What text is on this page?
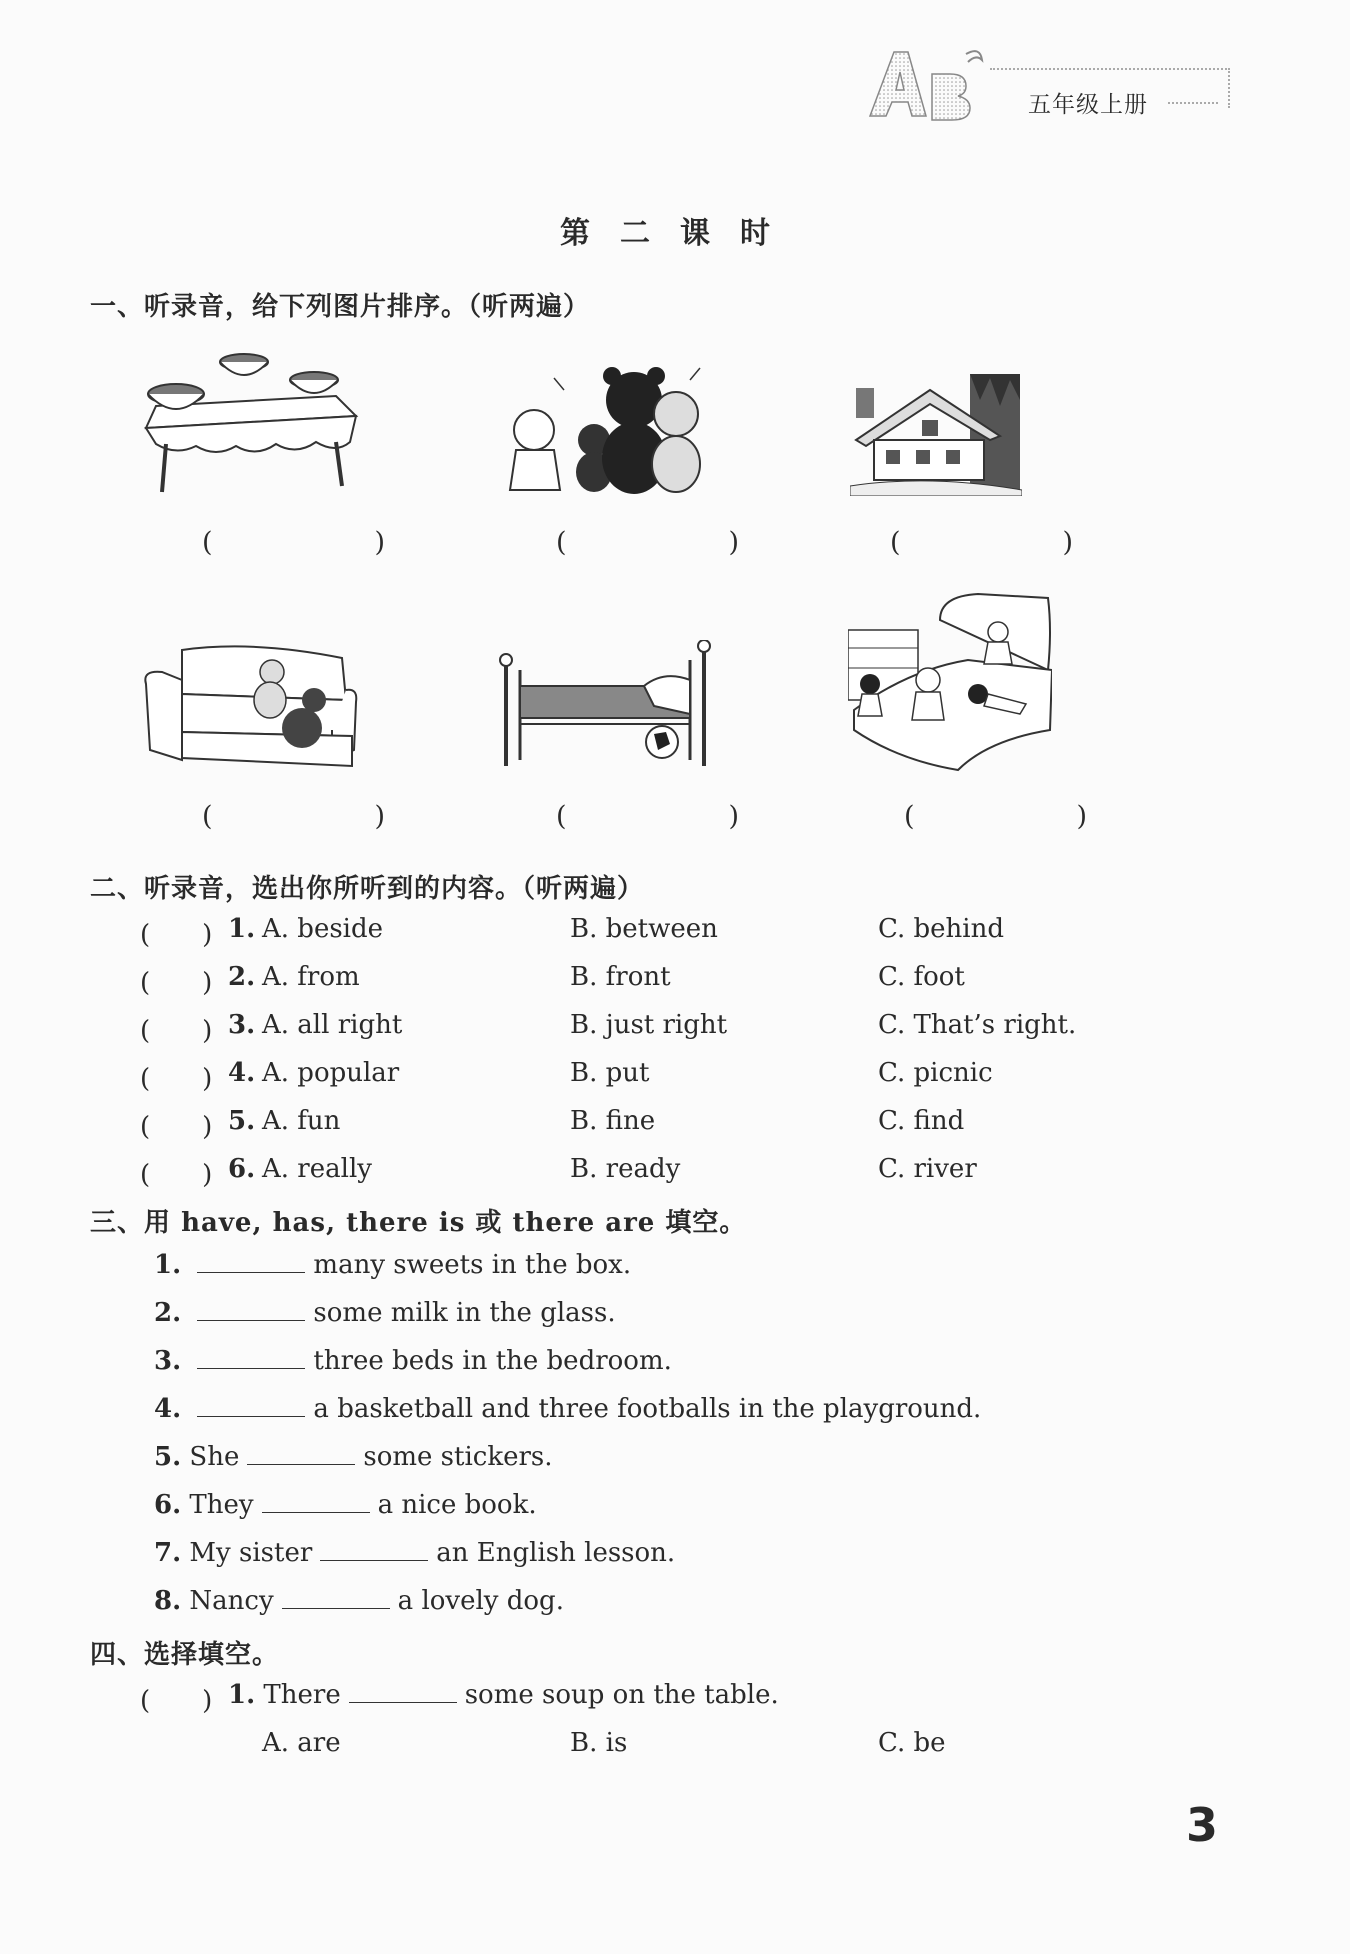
五年级上册
第　二　课　时
一、听录音，给下列图片排序。（听两遍）
(　　)	(　　)	(　　)
(　　)	(　　)	(　　)
二、听录音，选出你所听到的内容。（听两遍）
(　　) 1. A. beside	B. between	C. behind
(　　) 2. A. from	B. front	C. foot
(　　) 3. A. all right	B. just right	C. That’s right.
(　　) 4. A. popular	B. put	C. picnic
(　　) 5. A. fun	B. fine	C. find
(　　) 6. A. really	B. ready	C. river
三、用 have, has, there is 或 there are 填空。
1.	many sweets in the box.
2.	some milk in the glass.
3.	three beds in the bedroom.
4.	a basketball and three footballs in the playground.
5. She	some stickers.
6. They	a nice book.
7. My sister	an English lesson.
8. Nancy	a lovely dog.
四、选择填空。
(　　) 1. There	some soup on the table.
A. are	B. is	C. be
3
